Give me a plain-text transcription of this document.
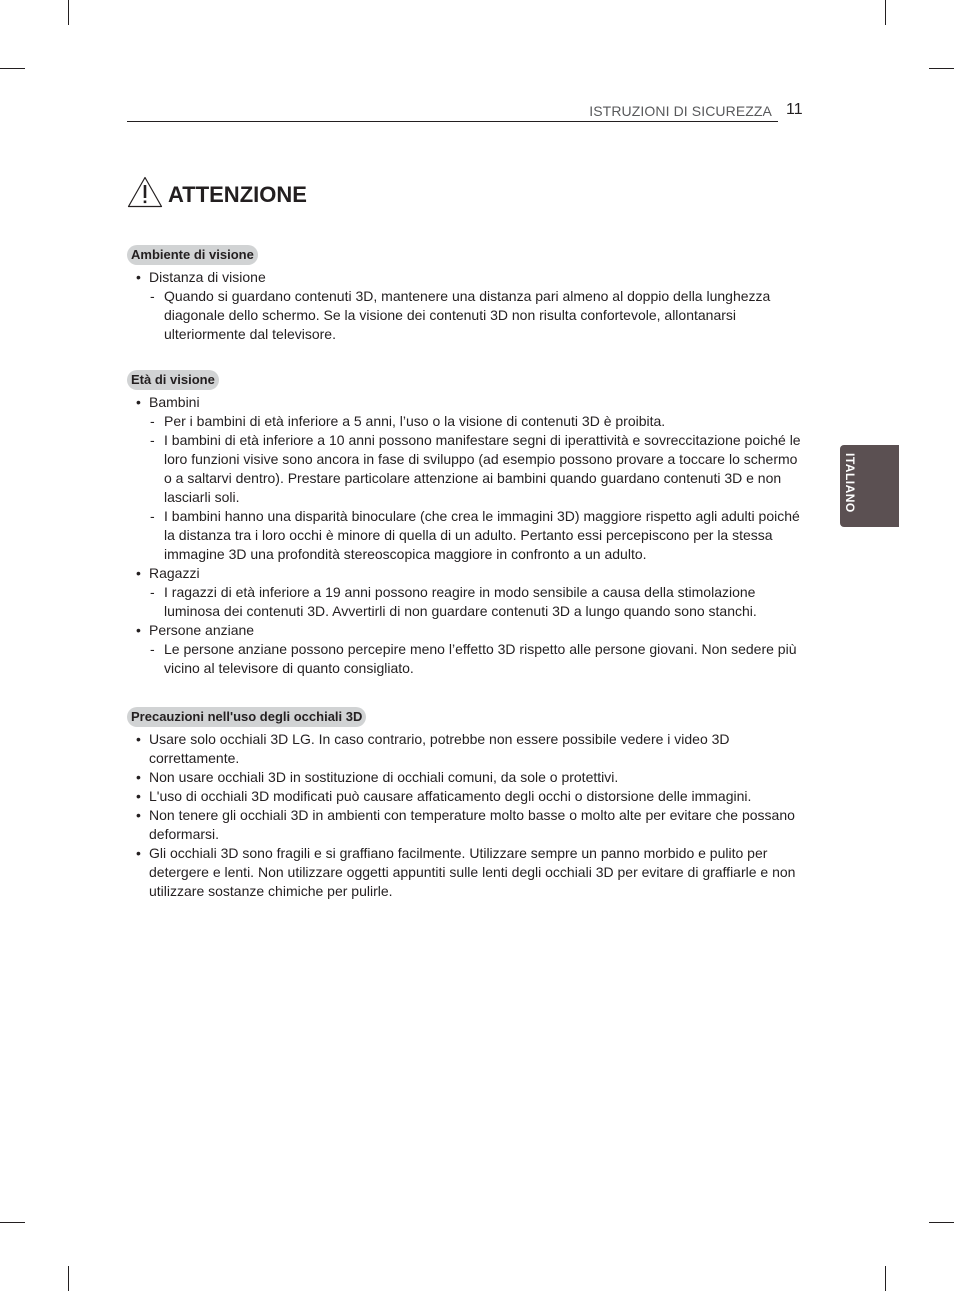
ISTRUZIONI DI SICUREZZA 11
ITALIANO
ATTENZIONE
Ambiente di visione
• Distanza di visione
- Quando si guardano contenuti 3D, mantenere una distanza pari almeno al doppio della lunghezza diagonale dello schermo. Se la visione dei contenuti 3D non risulta confortevole, allontanarsi ulteriormente dal televisore.
Età di visione
• Bambini
- Per i bambini di età inferiore a 5 anni, l’uso o la visione di contenuti 3D è proibita.
- I bambini di età inferiore a 10 anni possono manifestare segni di iperattività e sovreccitazione poiché le loro funzioni visive sono ancora in fase di sviluppo (ad esempio possono provare a toccare lo schermo o a saltarvi dentro). Prestare particolare attenzione ai bambini quando guardano contenuti 3D e non lasciarli soli.
- I bambini hanno una disparità binoculare (che crea le immagini 3D) maggiore rispetto agli adulti poiché la distanza tra i loro occhi è minore di quella di un adulto. Pertanto essi percepiscono per la stessa immagine 3D una profondità stereoscopica maggiore in confronto a un adulto.
• Ragazzi
- I ragazzi di età inferiore a 19 anni possono reagire in modo sensibile a causa della stimolazione luminosa dei contenuti 3D. Avvertirli di non guardare contenuti 3D a lungo quando sono stanchi.
• Persone anziane
- Le persone anziane possono percepire meno l’effetto 3D rispetto alle persone giovani. Non sedere più vicino al televisore di quanto consigliato.
Precauzioni nell'uso degli occhiali 3D
• Usare solo occhiali 3D LG. In caso contrario, potrebbe non essere possibile vedere i video 3D correttamente.
• Non usare occhiali 3D in sostituzione di occhiali comuni, da sole o protettivi.
• L'uso di occhiali 3D modificati può causare affaticamento degli occhi o distorsione delle immagini.
• Non tenere gli occhiali 3D in ambienti con temperature molto basse o molto alte per evitare che possano deformarsi.
• Gli occhiali 3D sono fragili e si graffiano facilmente. Utilizzare sempre un panno morbido e pulito per detergere e lenti. Non utilizzare oggetti appuntiti sulle lenti degli occhiali 3D per evitare di graffiarle e non utilizzare sostanze chimiche per pulirle.
